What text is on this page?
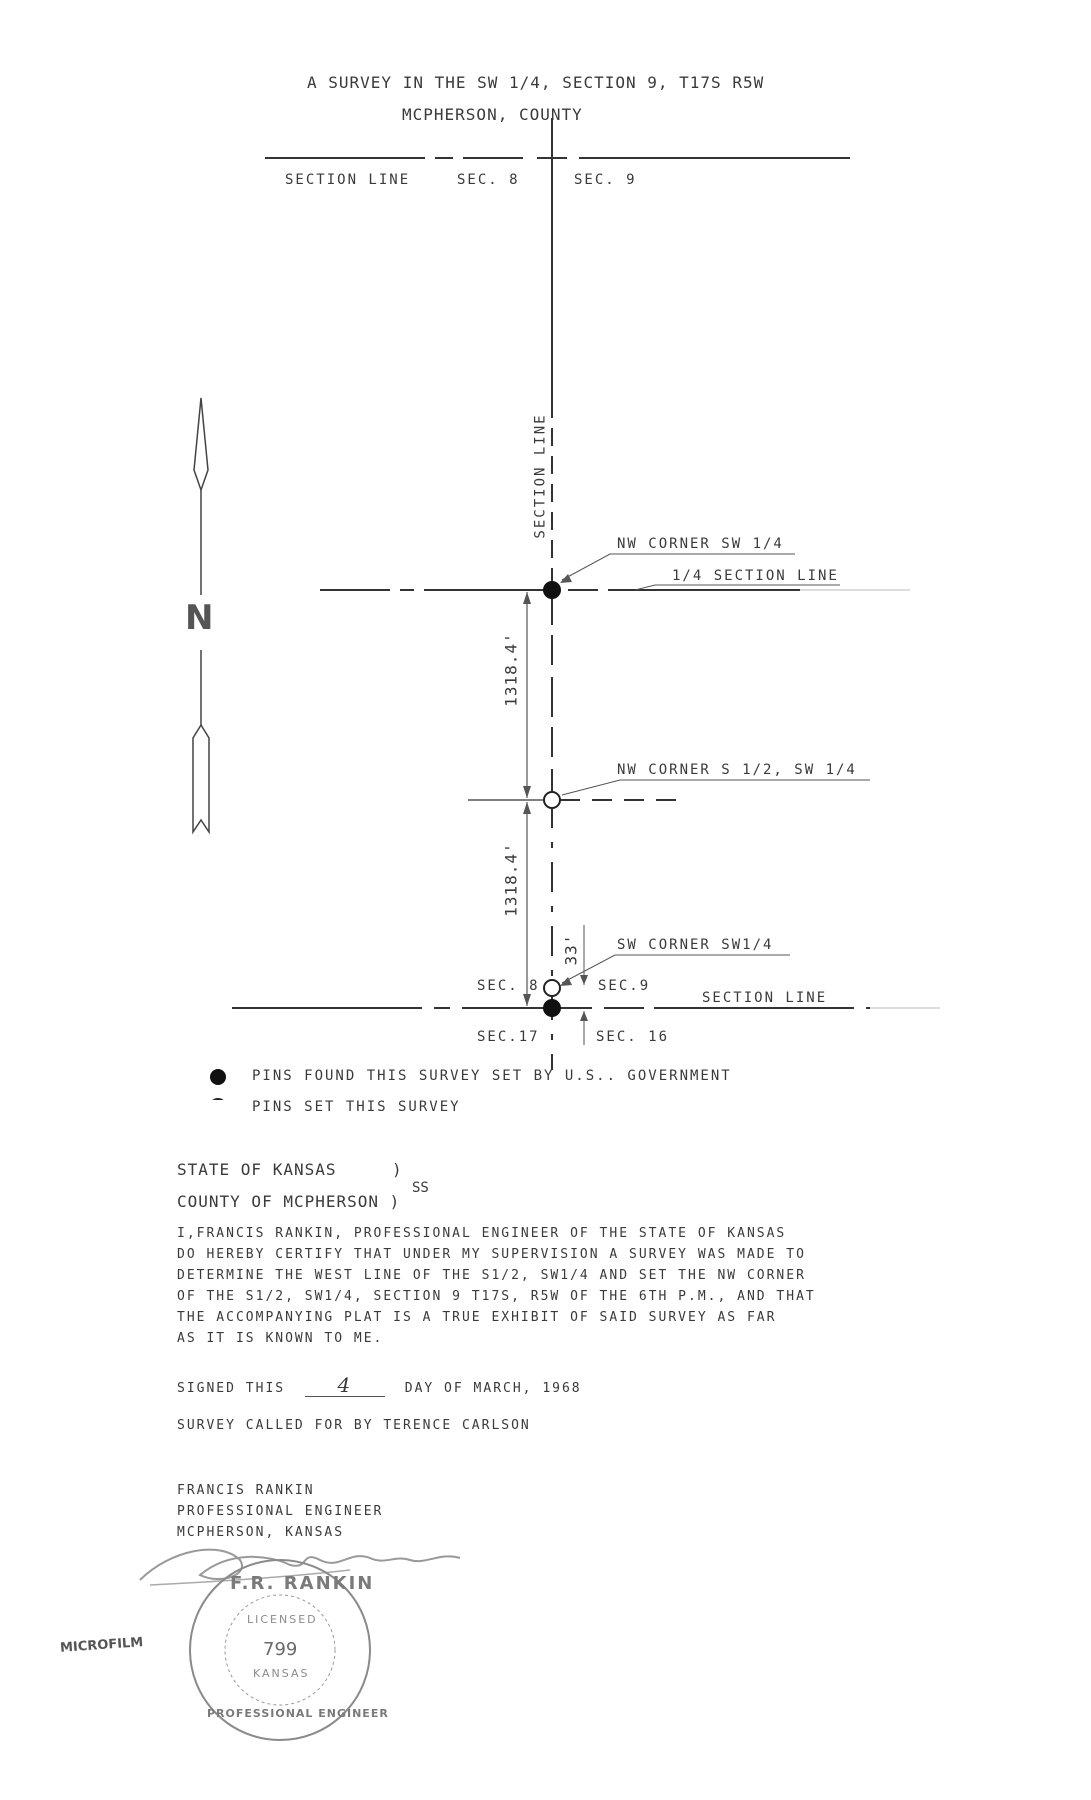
A SURVEY IN THE SW 1/4, SECTION 9, T17S R5W
MCPHERSON, COUNTY
SECTION LINE	SEC. 8	SEC. 9
SECTION LINE
NW CORNER SW 1/4
1/4 SECTION LINE
1318.4'
NW CORNER S 1/2, SW 1/4
1318.4'
33'	SW CORNER SW1/4
SEC. 8	SEC.9
SECTION LINE
SEC.17	SEC. 16
N
PINS FOUND THIS SURVEY SET BY U.S.. GOVERNMENT
PINS SET THIS SURVEY
STATE OF KANSAS	)
COUNTY OF MCPHERSON )
SS
I,FRANCIS RANKIN, PROFESSIONAL ENGINEER OF THE STATE OF KANSAS
DO HEREBY CERTIFY THAT UNDER MY SUPERVISION A SURVEY WAS MADE TO
DETERMINE THE WEST LINE OF THE S1/2, SW1/4 AND SET THE NW CORNER
OF THE S1/2, SW1/4, SECTION 9 T17S, R5W OF THE 6TH P.M., AND THAT
THE ACCOMPANYING PLAT IS A TRUE EXHIBIT OF SAID SURVEY AS FAR
AS IT IS KNOWN TO ME.
SIGNED THIS	4	DAY OF MARCH, 1968
SURVEY CALLED FOR BY TERENCE CARLSON
FRANCIS RANKIN
PROFESSIONAL ENGINEER
MCPHERSON, KANSAS
MICROFILM
F.R. RANKIN
LICENSED
799
KANSAS
PROFESSIONAL ENGINEER
